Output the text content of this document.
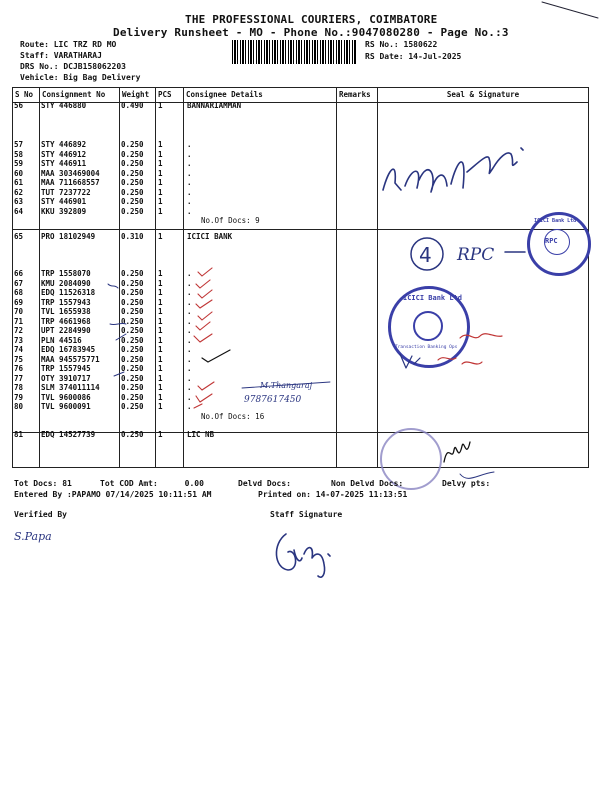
THE PROFESSIONAL COURIERS, COIMBATORE
Delivery Runsheet - MO - Phone No.:9047080280 - Page No.:3
Route: LIC TRZ RD MO
Staff: VARATHARAJ
DRS No.: DCJB158062203
Vehicle: Big Bag Delivery
RS No.: 1580622
RS Date: 14-Jul-2025
S No	Consignment No	Weight	PCS	Consignee Details	Remarks	Seal & Signature

56 STY 446880	0.490 1	BANNARIAMMAN
57 STY 446892	0.250 1	.
58 STY 446912	0.250 1	.
59 STY 446911	0.250 1	.
60 MAA 303469004	0.250 1	.
61 MAA 711668557	0.250 1	.
62 TUT 7237722	0.250 1	.
63 STY 446901	0.250 1	.
64 KKU 392809	0.250 1	.
No.Of Docs: 9
65 PRO 18102949	0.310 1	ICICI BANK
66 TRP 1558070	0.250 1	.
67 KMU 2084090	0.250 1	.
68 EDQ 11526318	0.250 1	.
69 TRP 1557943	0.250 1	.
70 TVL 1655938	0.250 1	.
71 TRP 4661968	0.250 1	.
72 UPT 2284990	0.250 1	.
73 PLN 44516	0.250 1	.
74 EDQ 16783945	0.250 1	.
75 MAA 945575771	0.250 1	.
76 TRP 1557945	0.250 1	.
77 OTY 3910717	0.250 1	.
78 SLM 374011114	0.250 1	.
79 TVL 9600086	0.250 1	.
80 TVL 9600091	0.250 1	.
No.Of Docs: 16
81 EDQ 14527739	0.250 1	LIC NB
4 RPC
RPC
ICICI Bank Ltd
ICICI Bank Ltd
Transaction Banking Ops
M.Thangaraj
9787617450
Tot Docs: 81	Tot COD Amt:	0.00	Delvd Docs:	Non Delvd Docs:	Delvy pts:
Entered By :PAPAMO 07/14/2025 10:11:51 AM	Printed on: 14-07-2025 11:13:51
Verified By	Staff Signature
S.Papa
